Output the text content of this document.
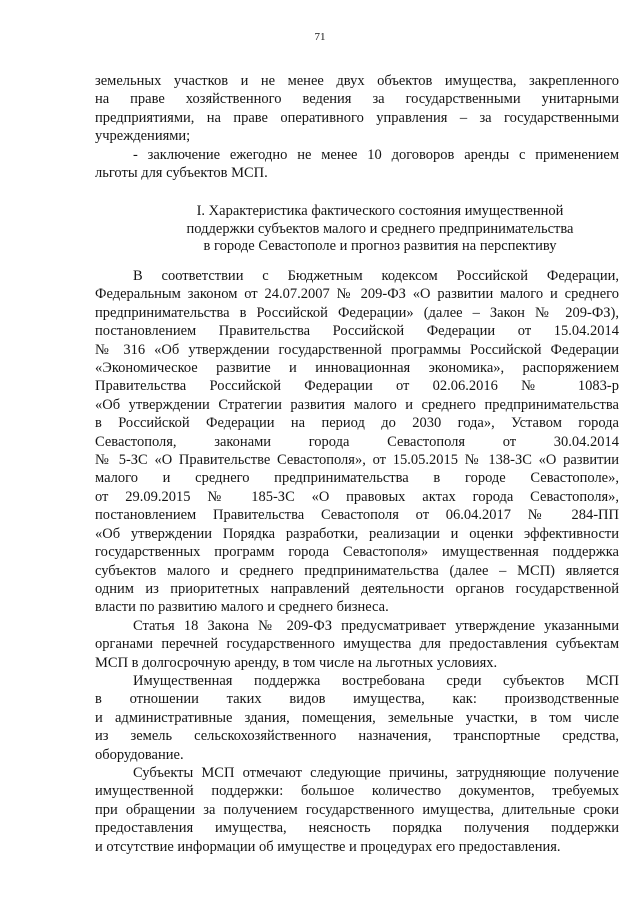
71

земельных участков и не менее двух объектов имущества, закрепленного
на праве хозяйственного ведения за государственными унитарными
предприятиями, на праве оперативного управления – за государственными
учреждениями;

- заключение ежегодно не менее 10 договоров аренды с применением
льготы для субъектов МСП.

I. Характеристика фактического состояния имущественной
поддержки субъектов малого и среднего предпринимательства
в городе Севастополе и прогноз развития на перспективу

В соответствии с Бюджетным кодексом Российской Федерации,
Федеральным законом от 24.07.2007 № 209-ФЗ «О развитии малого и среднего
предпринимательства в Российской Федерации» (далее – Закон № 209-ФЗ),
постановлением Правительства Российской Федерации от 15.04.2014
№ 316 «Об утверждении государственной программы Российской Федерации
«Экономическое развитие и инновационная экономика», распоряжением
Правительства Российской Федерации от 02.06.2016 № 1083-р
«Об утверждении Стратегии развития малого и среднего предпринимательства
в Российской Федерации на период до 2030 года», Уставом города
Севастополя, законами города Севастополя от 30.04.2014
№ 5-ЗС «О Правительстве Севастополя», от 15.05.2015 № 138-ЗС «О развитии
малого и среднего предпринимательства в городе Севастополе»,
от 29.09.2015 № 185-ЗС «О правовых актах города Севастополя»,
постановлением Правительства Севастополя от 06.04.2017 № 284-ПП
«Об утверждении Порядка разработки, реализации и оценки эффективности
государственных программ города Севастополя» имущественная поддержка
субъектов малого и среднего предпринимательства (далее – МСП) является
одним из приоритетных направлений деятельности органов государственной
власти по развитию малого и среднего бизнеса.

Статья 18 Закона № 209-ФЗ предусматривает утверждение указанными
органами перечней государственного имущества для предоставления субъектам
МСП в долгосрочную аренду, в том числе на льготных условиях.

Имущественная поддержка востребована среди субъектов МСП
в отношении таких видов имущества, как: производственные
и административные здания, помещения, земельные участки, в том числе
из земель сельскохозяйственного назначения, транспортные средства,
оборудование.

Субъекты МСП отмечают следующие причины, затрудняющие получение
имущественной поддержки: большое количество документов, требуемых
при обращении за получением государственного имущества, длительные сроки
предоставления имущества, неясность порядка получения поддержки
и отсутствие информации об имуществе и процедурах его предоставления.
